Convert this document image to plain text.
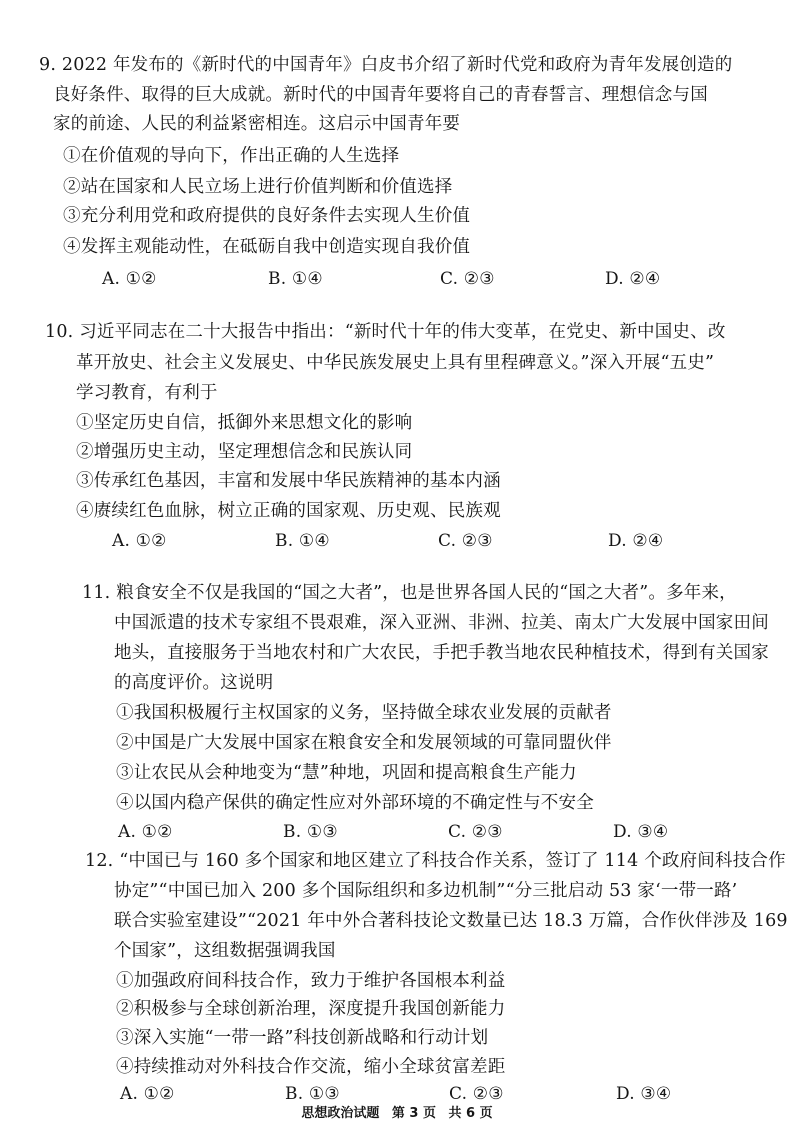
9. 2022 年发布的《新时代的中国青年》白皮书介绍了新时代党和政府为青年发展创造的
良好条件、取得的巨大成就。新时代的中国青年要将自己的青春誓言、理想信念与国
家的前途、人民的利益紧密相连。这启示中国青年要
①在价值观的导向下，作出正确的人生选择
②站在国家和人民立场上进行价值判断和价值选择
③充分利用党和政府提供的良好条件去实现人生价值
④发挥主观能动性，在砥砺自我中创造实现自我价值
A. ①②	B. ①④	C. ②③	D. ②④
10. 习近平同志在二十大报告中指出：“新时代十年的伟大变革，在党史、新中国史、改
革开放史、社会主义发展史、中华民族发展史上具有里程碑意义。”深入开展“五史”
学习教育，有利于
①坚定历史自信，抵御外来思想文化的影响
②增强历史主动，坚定理想信念和民族认同
③传承红色基因，丰富和发展中华民族精神的基本内涵
④赓续红色血脉，树立正确的国家观、历史观、民族观
A. ①②	B. ①④	C. ②③	D. ②④
11. 粮食安全不仅是我国的“国之大者”，也是世界各国人民的“国之大者”。多年来，
中国派遣的技术专家组不畏艰难，深入亚洲、非洲、拉美、南太广大发展中国家田间
地头，直接服务于当地农村和广大农民，手把手教当地农民种植技术，得到有关国家
的高度评价。这说明
①我国积极履行主权国家的义务，坚持做全球农业发展的贡献者
②中国是广大发展中国家在粮食安全和发展领域的可靠同盟伙伴
③让农民从会种地变为“慧”种地，巩固和提高粮食生产能力
④以国内稳产保供的确定性应对外部环境的不确定性与不安全
A. ①②	B. ①③	C. ②③	D. ③④
12. “中国已与 160 多个国家和地区建立了科技合作关系，签订了 114 个政府间科技合作
协定”“中国已加入 200 多个国际组织和多边机制”“分三批启动 53 家‘一带一路’
联合实验室建设”“2021 年中外合著科技论文数量已达 18.3 万篇，合作伙伴涉及 169
个国家”，这组数据强调我国
①加强政府间科技合作，致力于维护各国根本利益
②积极参与全球创新治理，深度提升我国创新能力
③深入实施“一带一路”科技创新战略和行动计划
④持续推动对外科技合作交流，缩小全球贫富差距
A. ①②	B. ①③	C. ②③	D. ③④
思想政治试题 第 3 页 共 6 页
